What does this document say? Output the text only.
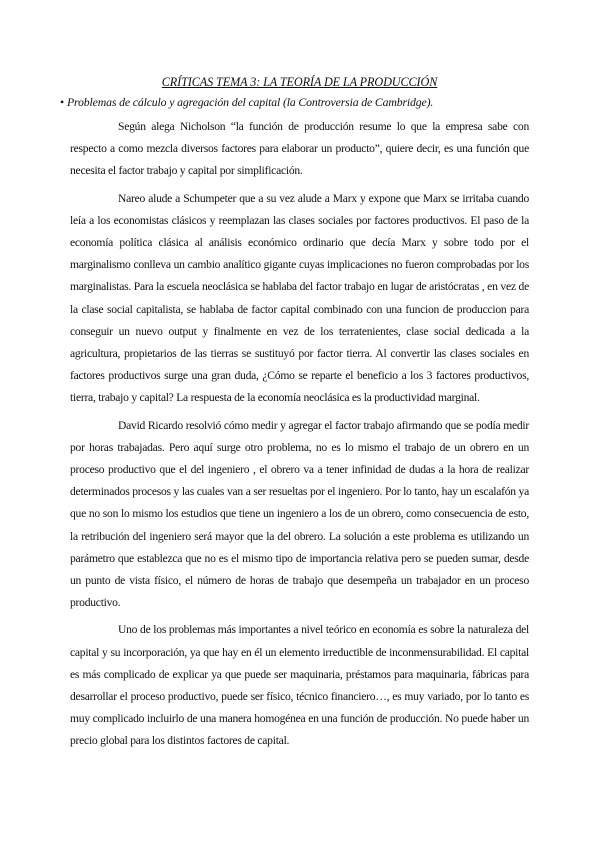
CRÍTICAS TEMA 3: LA TEORÍA DE LA PRODUCCIÓN

• Problemas de cálculo y agregación del capital (la Controversia de Cambridge).

Según alega Nicholson “la función de producción resume lo que la empresa sabe con respecto a como mezcla diversos factores para elaborar un producto”, quiere decir, es una función que necesita el factor trabajo y capital por simplificación.

Nareo alude a Schumpeter que a su vez alude a Marx y expone que Marx se irritaba cuando leía a los economistas clásicos y reemplazan las clases sociales por factores productivos. El paso de la economía política clásica al análisis económico ordinario que decía Marx y sobre todo por el marginalismo conlleva un cambio analítico gigante cuyas implicaciones no fueron comprobadas por los marginalistas. Para la escuela neoclásica se hablaba del factor trabajo en lugar de aristócratas , en vez de la clase social capitalista, se hablaba de factor capital combinado con una funcion de produccion para conseguir un nuevo output y finalmente en vez de los terratenientes, clase social dedicada a la agricultura, propietarios de las tierras se sustituyó por factor tierra. Al convertir las clases sociales en factores productivos surge una gran duda, ¿Cómo se reparte el beneficio a los 3 factores productivos, tierra, trabajo y capital? La respuesta de la economía neoclásica es la productividad marginal.

David Ricardo resolvió cómo medir y agregar el factor trabajo afirmando que se podía medir por horas trabajadas. Pero aquí surge otro problema, no es lo mismo el trabajo de un obrero en un proceso productivo que el del ingeniero , el obrero va a tener infinidad de dudas a la hora de realizar determinados procesos y las cuales van a ser resueltas por el ingeniero. Por lo tanto, hay un escalafón ya que no son lo mismo los estudios que tiene un ingeniero a los de un obrero, como consecuencia de esto, la retribución del ingeniero será mayor que la del obrero. La solución a este problema es utilizando un parámetro que establezca que no es el mismo tipo de importancia relativa pero se pueden sumar, desde un punto de vista físico, el número de horas de trabajo que desempeña un trabajador en un proceso productivo.

Uno de los problemas más importantes a nivel teórico en economía es sobre la naturaleza del capital y su incorporación, ya que hay en él un elemento irreductible de inconmensurabilidad. El capital es más complicado de explicar ya que puede ser maquinaria, préstamos para maquinaria, fábricas para desarrollar el proceso productivo, puede ser físico, técnico financiero…, es muy variado, por lo tanto es muy complicado incluirlo de una manera homogénea en una función de producción. No puede haber un precio global para los distintos factores de capital.
